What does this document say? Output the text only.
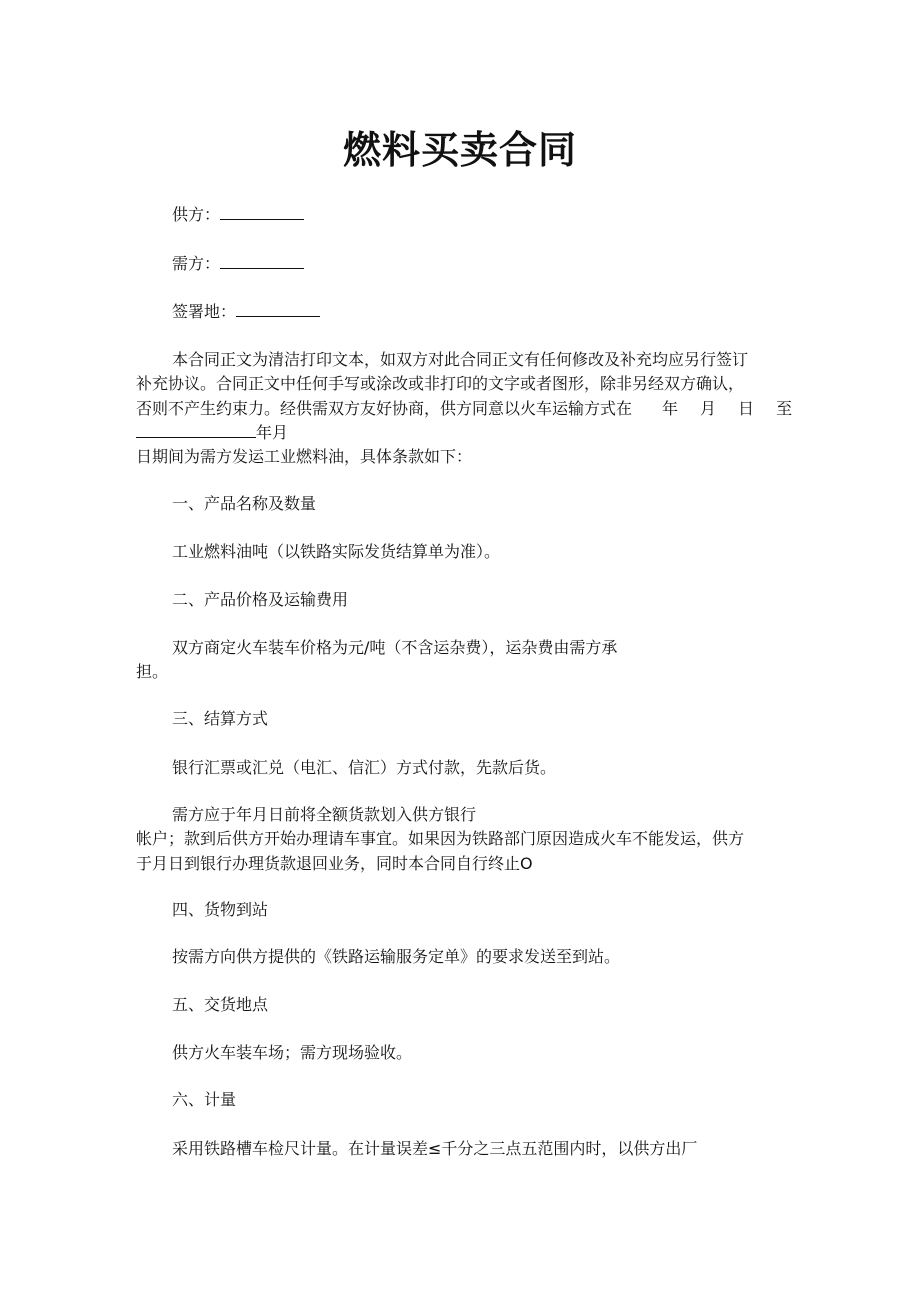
燃料买卖合同

供方：

需方：

签署地：

本合同正文为清洁打印文本，如双方对此合同正文有任何修改及补充均应另行签订

补充协议。合同正文中任何手写或涂改或非打印的文字或者图形，除非另经双方确认，

否则不产生约束力。经供需双方友好协商，供方同意以火车运输方式在 年 月 日 至

年月

日期间为需方发运工业燃料油，具体条款如下：

一、产品名称及数量

工业燃料油吨（以铁路实际发货结算单为准）。

二、产品价格及运输费用

双方商定火车装车价格为元/吨（不含运杂费），运杂费由需方承

担。

三、结算方式

银行汇票或汇兑（电汇、信汇）方式付款，先款后货。

需方应于年月日前将全额货款划入供方银行

帐户；款到后供方开始办理请车事宜。如果因为铁路部门原因造成火车不能发运，供方

于月日到银行办理货款退回业务，同时本合同自行终止O

四、货物到站

按需方向供方提供的《铁路运输服务定单》的要求发送至到站。

五、交货地点

供方火车装车场；需方现场验收。

六、计量

采用铁路槽车检尺计量。在计量误差≤千分之三点五范围内时，以供方出厂
